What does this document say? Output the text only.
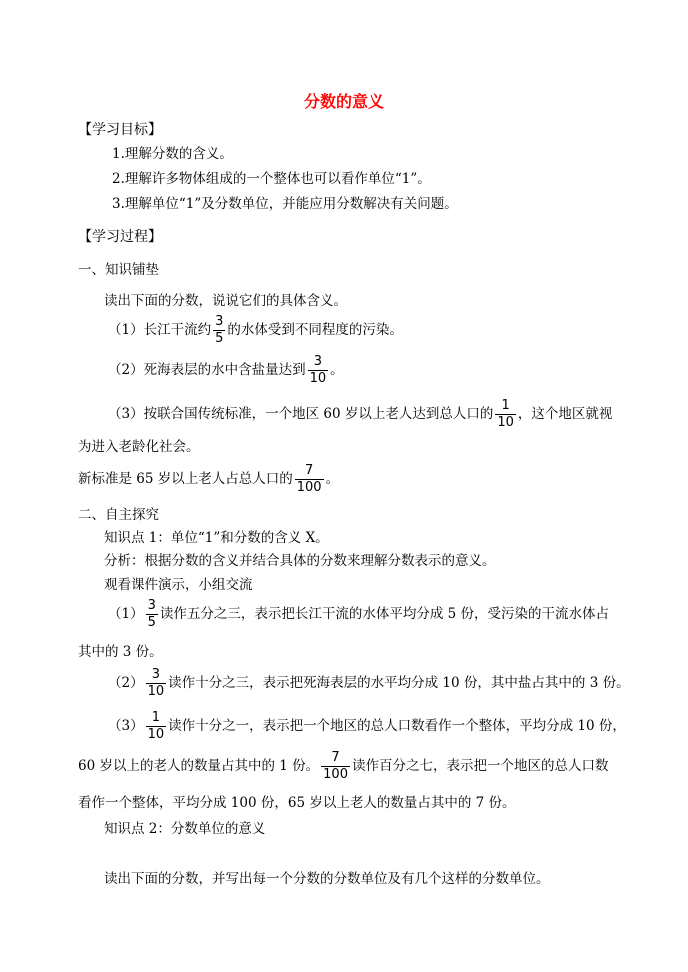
分数的意义
【学习目标】
1.理解分数的含义。
2.理解许多物体组成的一个整体也可以看作单位“1”。
3.理解单位“1”及分数单位，并能应用分数解决有关问题。
【学习过程】
一、知识铺垫
读出下面的分数，说说它们的具体含义。
（1）长江干流约 $\frac{3}{5}$ 的水体受到不同程度的污染。
（2）死海表层的水中含盐量达到 $\frac{3}{10}$ 。
（3）按联合国传统标准，一个地区 60 岁以上老人达到总人口的 $\frac{1}{10}$ ，这个地区就视
为进入老龄化社会。
新标准是 65 岁以上老人占总人口的 $\frac{7}{100}$ 。
二、自主探究
知识点 1：单位“1”和分数的含义 X。
分析：根据分数的含义并结合具体的分数来理解分数表示的意义。
观看课件演示，小组交流
$(1) \frac{3}{5}$ 读作五分之三，表示把长江干流的水体平均分成 5 份，受污染的干流水体占
其中的 3 份。
$(2) \frac{3}{10}$ 读作十分之三，表示把死海表层的水平均分成 10 份，其中盐占其中的 3 份。
$(3) \frac{1}{10}$ 读作十分之一，表示把一个地区的总人口数看作一个整体，平均分成 10 份，
60 岁以上的老人的数量占其中的 1 份。 $\frac{7}{100}$ 读作百分之七，表示把一个地区的总人口数
看作一个整体，平均分成 100 份，65 岁以上老人的数量占其中的 7 份。
知识点 2：分数单位的意义
读出下面的分数，并写出每一个分数的分数单位及有几个这样的分数单位。
